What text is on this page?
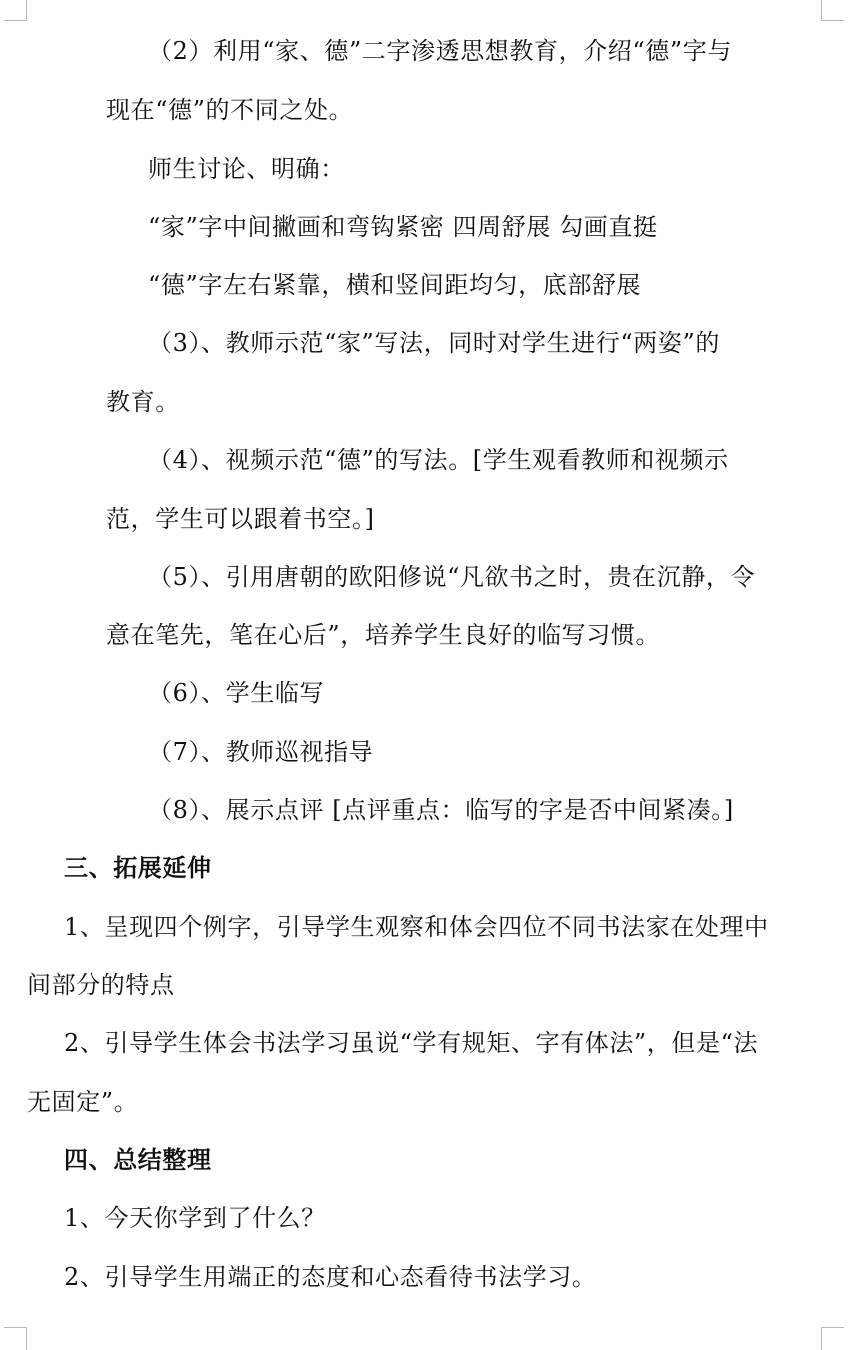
（2）利用“家、德”二字渗透思想教育，介绍“德”字与
现在“德”的不同之处。
师生讨论、明确：
“家”字中间撇画和弯钩紧密 四周舒展 勾画直挺
“德”字左右紧靠，横和竖间距均匀，底部舒展
（3）、教师示范“家”写法，同时对学生进行“两姿”的
教育。
（4）、视频示范“德”的写法。[学生观看教师和视频示
范，学生可以跟着书空。]
（5）、引用唐朝的欧阳修说“凡欲书之时，贵在沉静，令
意在笔先，笔在心后”，培养学生良好的临写习惯。
（6）、学生临写
（7）、教师巡视指导
（8）、展示点评 [点评重点：临写的字是否中间紧凑。]
三、拓展延伸
1、呈现四个例字，引导学生观察和体会四位不同书法家在处理中
间部分的特点
2、引导学生体会书法学习虽说“学有规矩、字有体法”，但是“法
无固定”。
四、总结整理
1、今天你学到了什么？
2、引导学生用端正的态度和心态看待书法学习。
